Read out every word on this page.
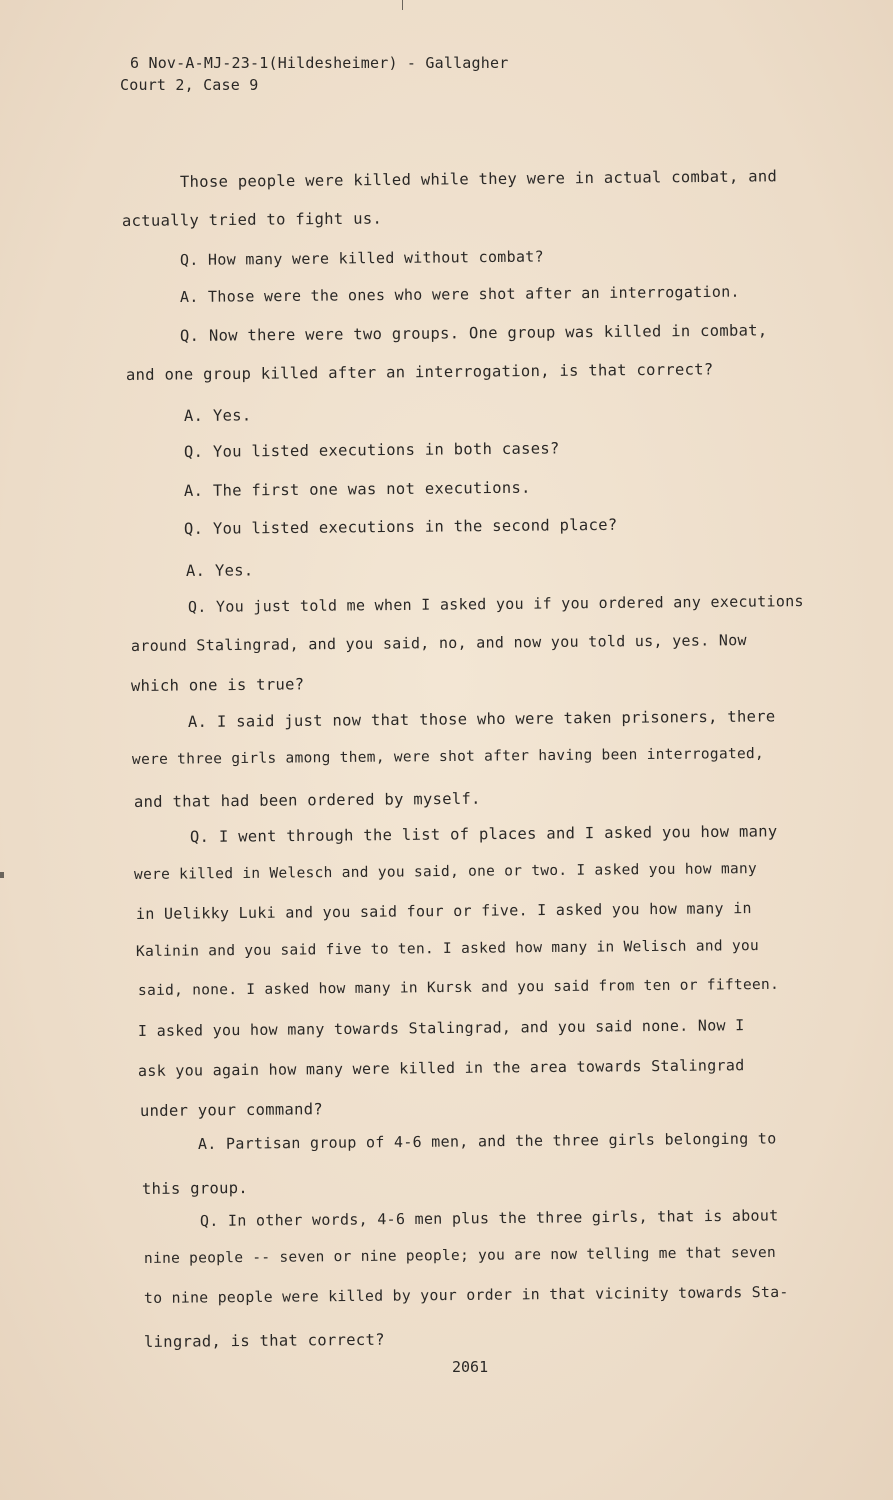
6 Nov-A-MJ-23-1(Hildesheimer) - Gallagher
Court 2, Case 9
Those people were killed while they were in actual combat, and
actually tried to fight us.
Q. How many were killed without combat?
A. Those were the ones who were shot after an interrogation.
Q. Now there were two groups. One group was killed in combat,
and one group killed after an interrogation, is that correct?
A. Yes.
Q. You listed executions in both cases?
A. The first one was not executions.
Q. You listed executions in the second place?
A. Yes.
Q. You just told me when I asked you if you ordered any executions
around Stalingrad, and you said, no, and now you told us, yes. Now
which one is true?
A. I said just now that those who were taken prisoners, there
were three girls among them, were shot after having been interrogated,
and that had been ordered by myself.
Q. I went through the list of places and I asked you how many
were killed in Welesch and you said, one or two. I asked you how many
in Uelikky Luki and you said four or five. I asked you how many in
Kalinin and you said five to ten. I asked how many in Welisch and you
said, none. I asked how many in Kursk and you said from ten or fifteen.
I asked you how many towards Stalingrad, and you said none. Now I
ask you again how many were killed in the area towards Stalingrad
under your command?
A. Partisan group of 4-6 men, and the three girls belonging to
this group.
Q. In other words, 4-6 men plus the three girls, that is about
nine people -- seven or nine people; you are now telling me that seven
to nine people were killed by your order in that vicinity towards Sta-
lingrad, is that correct?
2061
